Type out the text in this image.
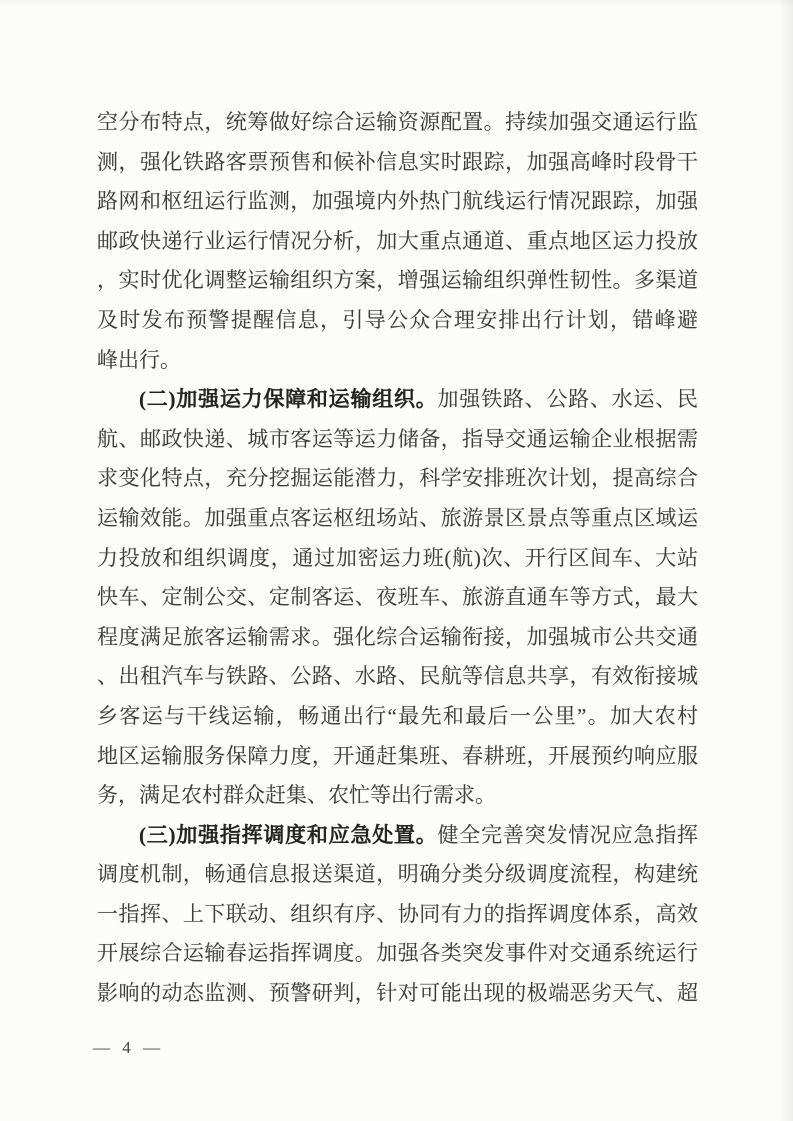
空分布特点，统筹做好综合运输资源配置。持续加强交通运行监
测，强化铁路客票预售和候补信息实时跟踪，加强高峰时段骨干
路网和枢纽运行监测，加强境内外热门航线运行情况跟踪，加强
邮政快递行业运行情况分析，加大重点通道、重点地区运力投放
，实时优化调整运输组织方案，增强运输组织弹性韧性。多渠道
及时发布预警提醒信息，引导公众合理安排出行计划，错峰避
峰出行。
(二)加强运力保障和运输组织。加强铁路、公路、水运、民
航、邮政快递、城市客运等运力储备，指导交通运输企业根据需
求变化特点，充分挖掘运能潜力，科学安排班次计划，提高综合
运输效能。加强重点客运枢纽场站、旅游景区景点等重点区域运
力投放和组织调度，通过加密运力班(航)次、开行区间车、大站
快车、定制公交、定制客运、夜班车、旅游直通车等方式，最大
程度满足旅客运输需求。强化综合运输衔接，加强城市公共交通
、出租汽车与铁路、公路、水路、民航等信息共享，有效衔接城
乡客运与干线运输，畅通出行“最先和最后一公里”。加大农村
地区运输服务保障力度，开通赶集班、春耕班，开展预约响应服
务，满足农村群众赶集、农忙等出行需求。
(三)加强指挥调度和应急处置。健全完善突发情况应急指挥
调度机制，畅通信息报送渠道，明确分类分级调度流程，构建统
一指挥、上下联动、组织有序、协同有力的指挥调度体系，高效
开展综合运输春运指挥调度。加强各类突发事件对交通系统运行
影响的动态监测、预警研判，针对可能出现的极端恶劣天气、超
— 4 —
